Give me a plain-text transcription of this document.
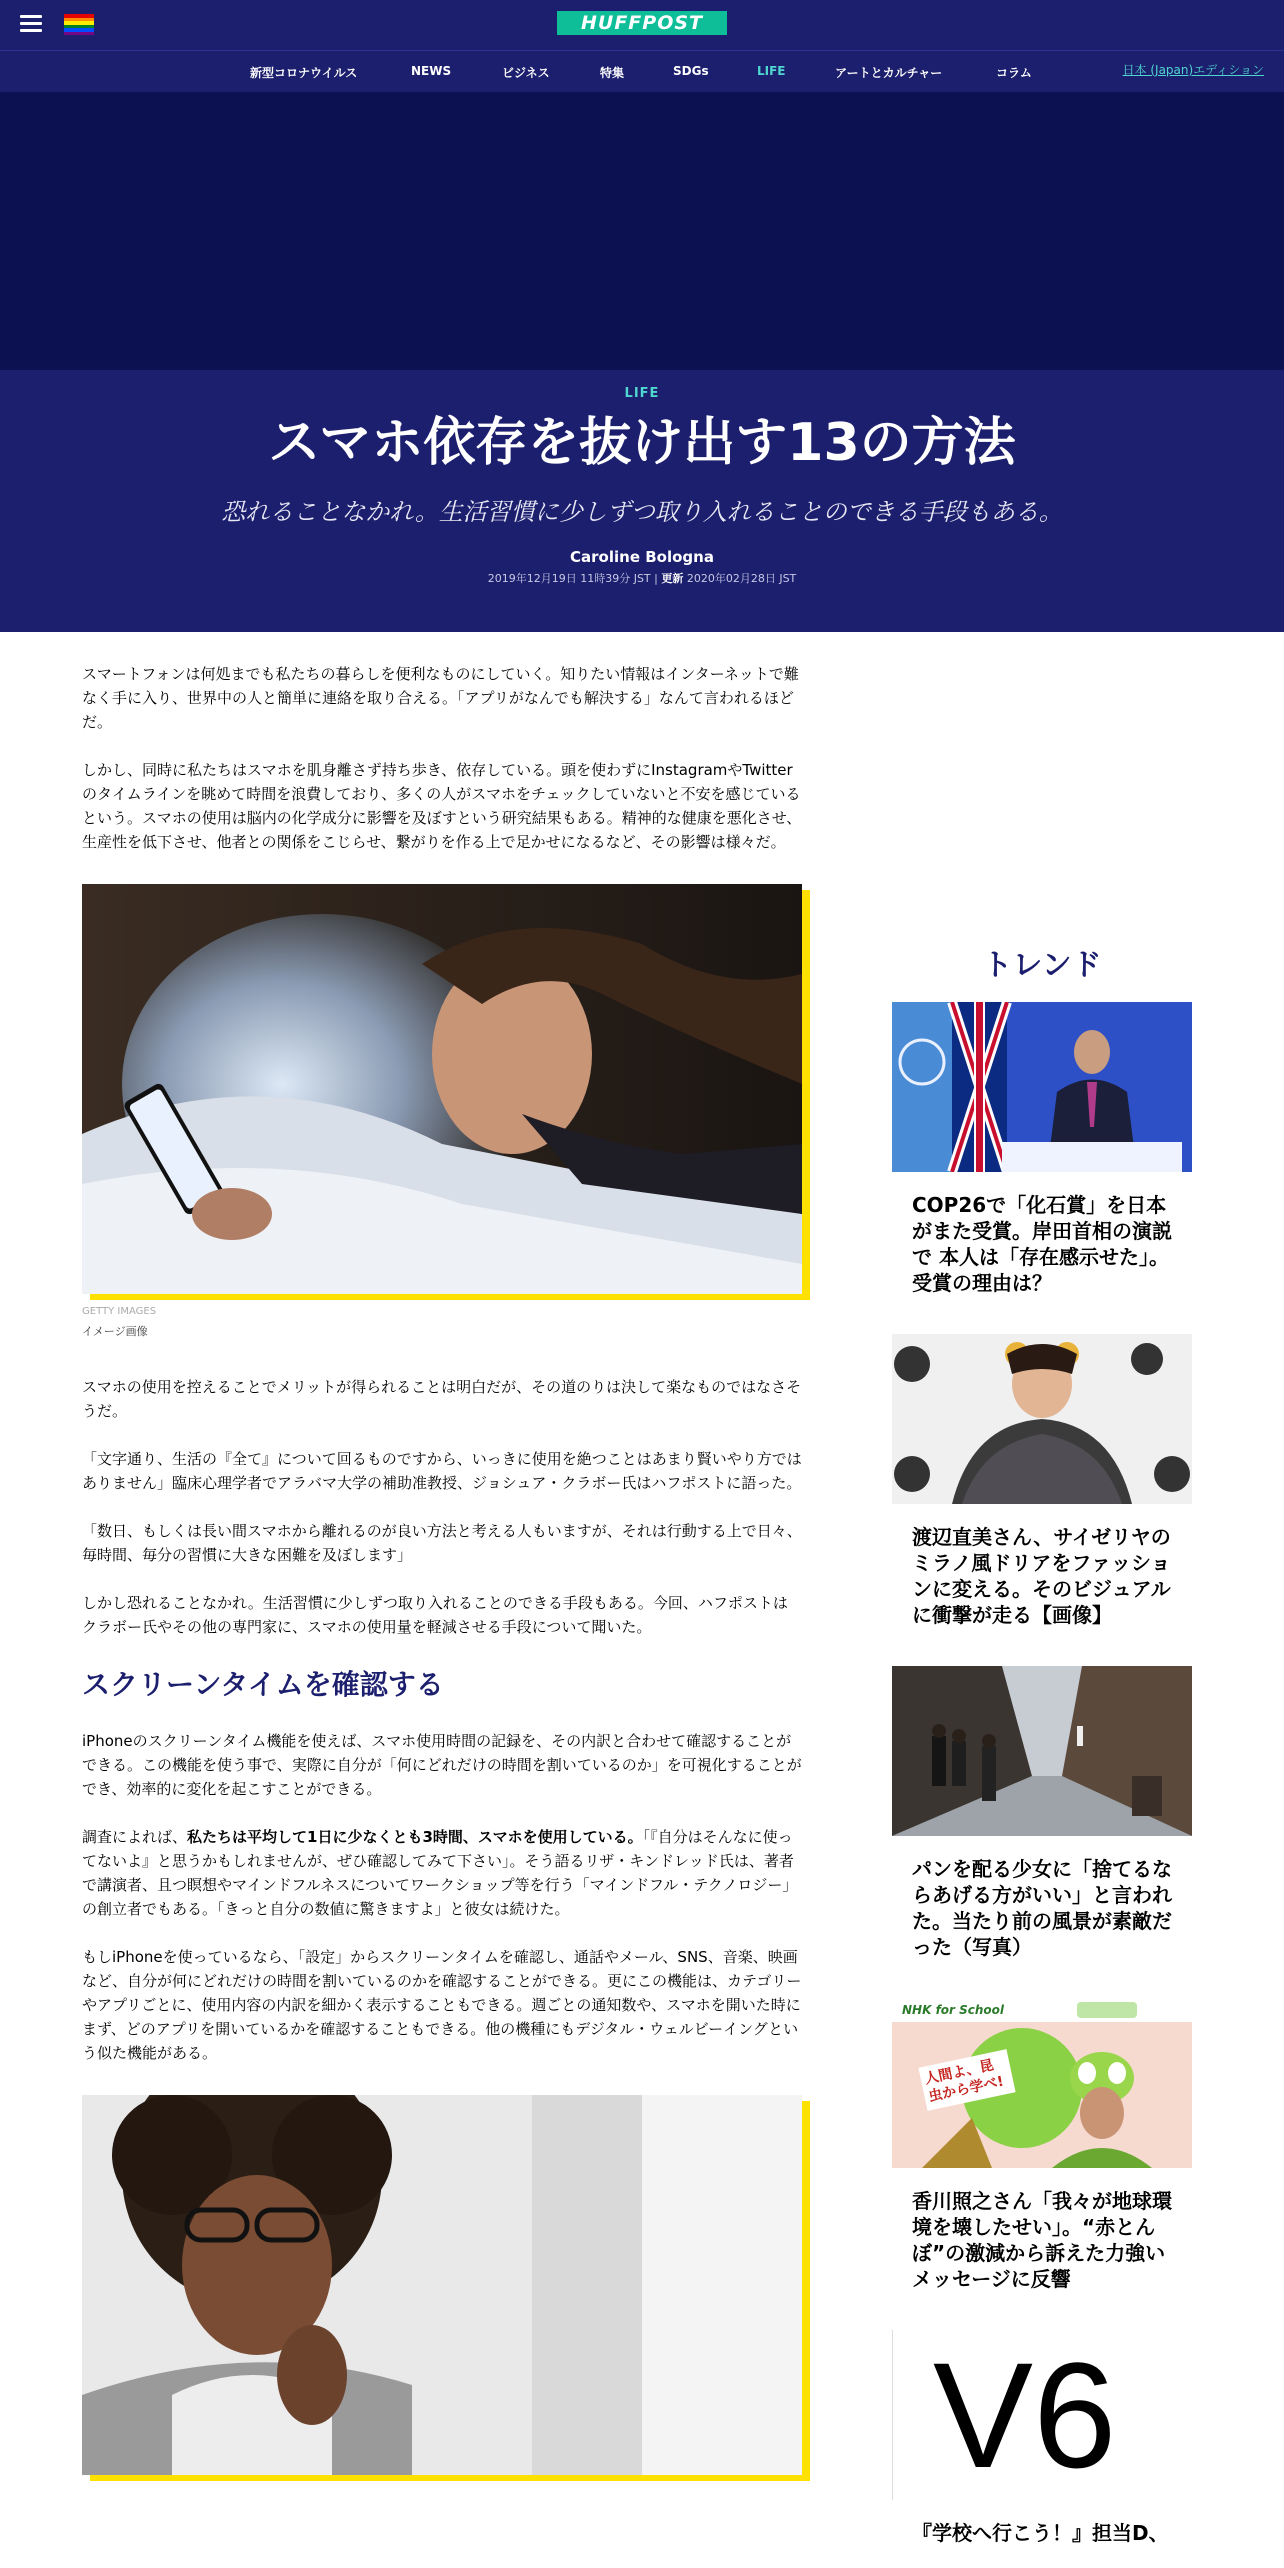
HUFFPOST
新型コロナウイルス	NEWS	ビジネス	特集	SDGs	LIFE	アートとカルチャー	コラム	日本 (Japan)エディション
LIFE
スマホ依存を抜け出す13の方法
恐れることなかれ。生活習慣に少しずつ取り入れることのできる手段もある。
Caroline Bologna
2019年12月19日 11時39分 JST | 更新 2020年02月28日 JST

スマートフォンは何処までも私たちの暮らしを便利なものにしていく。知りたい情報はインターネットで難なく手に入り、世界中の人と簡単に連絡を取り合える。「アプリがなんでも解決する」なんて言われるほどだ。

しかし、同時に私たちはスマホを肌身離さず持ち歩き、依存している。頭を使わずにInstagramやTwitterのタイムラインを眺めて時間を浪費しており、多くの人がスマホをチェックしていないと不安を感じているという。スマホの使用は脳内の化学成分に影響を及ぼすという研究結果もある。精神的な健康を悪化させ、生産性を低下させ、他者との関係をこじらせ、繋がりを作る上で足かせになるなど、その影響は様々だ。

GETTY IMAGES
イメージ画像

スマホの使用を控えることでメリットが得られることは明白だが、その道のりは決して楽なものではなさそうだ。

「文字通り、生活の『全て』について回るものですから、いっきに使用を絶つことはあまり賢いやり方ではありません」臨床心理学者でアラバマ大学の補助准教授、ジョシュア・クラボー氏はハフポストに語った。

「数日、もしくは長い間スマホから離れるのが良い方法と考える人もいますが、それは行動する上で日々、毎時間、毎分の習慣に大きな困難を及ぼします」

しかし恐れることなかれ。生活習慣に少しずつ取り入れることのできる手段もある。今回、ハフポストはクラボー氏やその他の専門家に、スマホの使用量を軽減させる手段について聞いた。

スクリーンタイムを確認する

iPhoneのスクリーンタイム機能を使えば、スマホ使用時間の記録を、その内訳と合わせて確認することができる。この機能を使う事で、実際に自分が「何にどれだけの時間を割いているのか」を可視化することができ、効率的に変化を起こすことができる。

調査によれば、私たちは平均して1日に少なくとも3時間、スマホを使用している。「『自分はそんなに使ってないよ』と思うかもしれませんが、ぜひ確認してみて下さい」。そう語るリザ・キンドレッド氏は、著者で講演者、且つ瞑想やマインドフルネスについてワークショップ等を行う「マインドフル・テクノロジー」の創立者でもある。「きっと自分の数値に驚きますよ」と彼女は続けた。

もしiPhoneを使っているなら、「設定」からスクリーンタイムを確認し、通話やメール、SNS、音楽、映画など、自分が何にどれだけの時間を割いているのかを確認することができる。更にこの機能は、カテゴリーやアプリごとに、使用内容の内訳を細かく表示することもできる。週ごとの通知数や、スマホを開いた時にまず、どのアプリを開いているかを確認することもできる。他の機種にもデジタル・ウェルビーイングという似た機能がある。

トレンド
COP26で「化石賞」を日本がまた受賞。岸田首相の演説で 本人は「存在感示せた」。受賞の理由は？
渡辺直美さん、サイゼリヤのミラノ風ドリアをファッションに変える。そのビジュアルに衝撃が走る【画像】
パンを配る少女に「捨てるならあげる方がいい」と言われた。当たり前の風景が素敵だった（写真）
NHK for School
人間よ、昆虫から学べ!
香川照之さん「我々が地球環境を壊したせい」。“赤とんぼ”の激減から訴えた力強いメッセージに反響
V6
『学校へ行こう！』担当D、
